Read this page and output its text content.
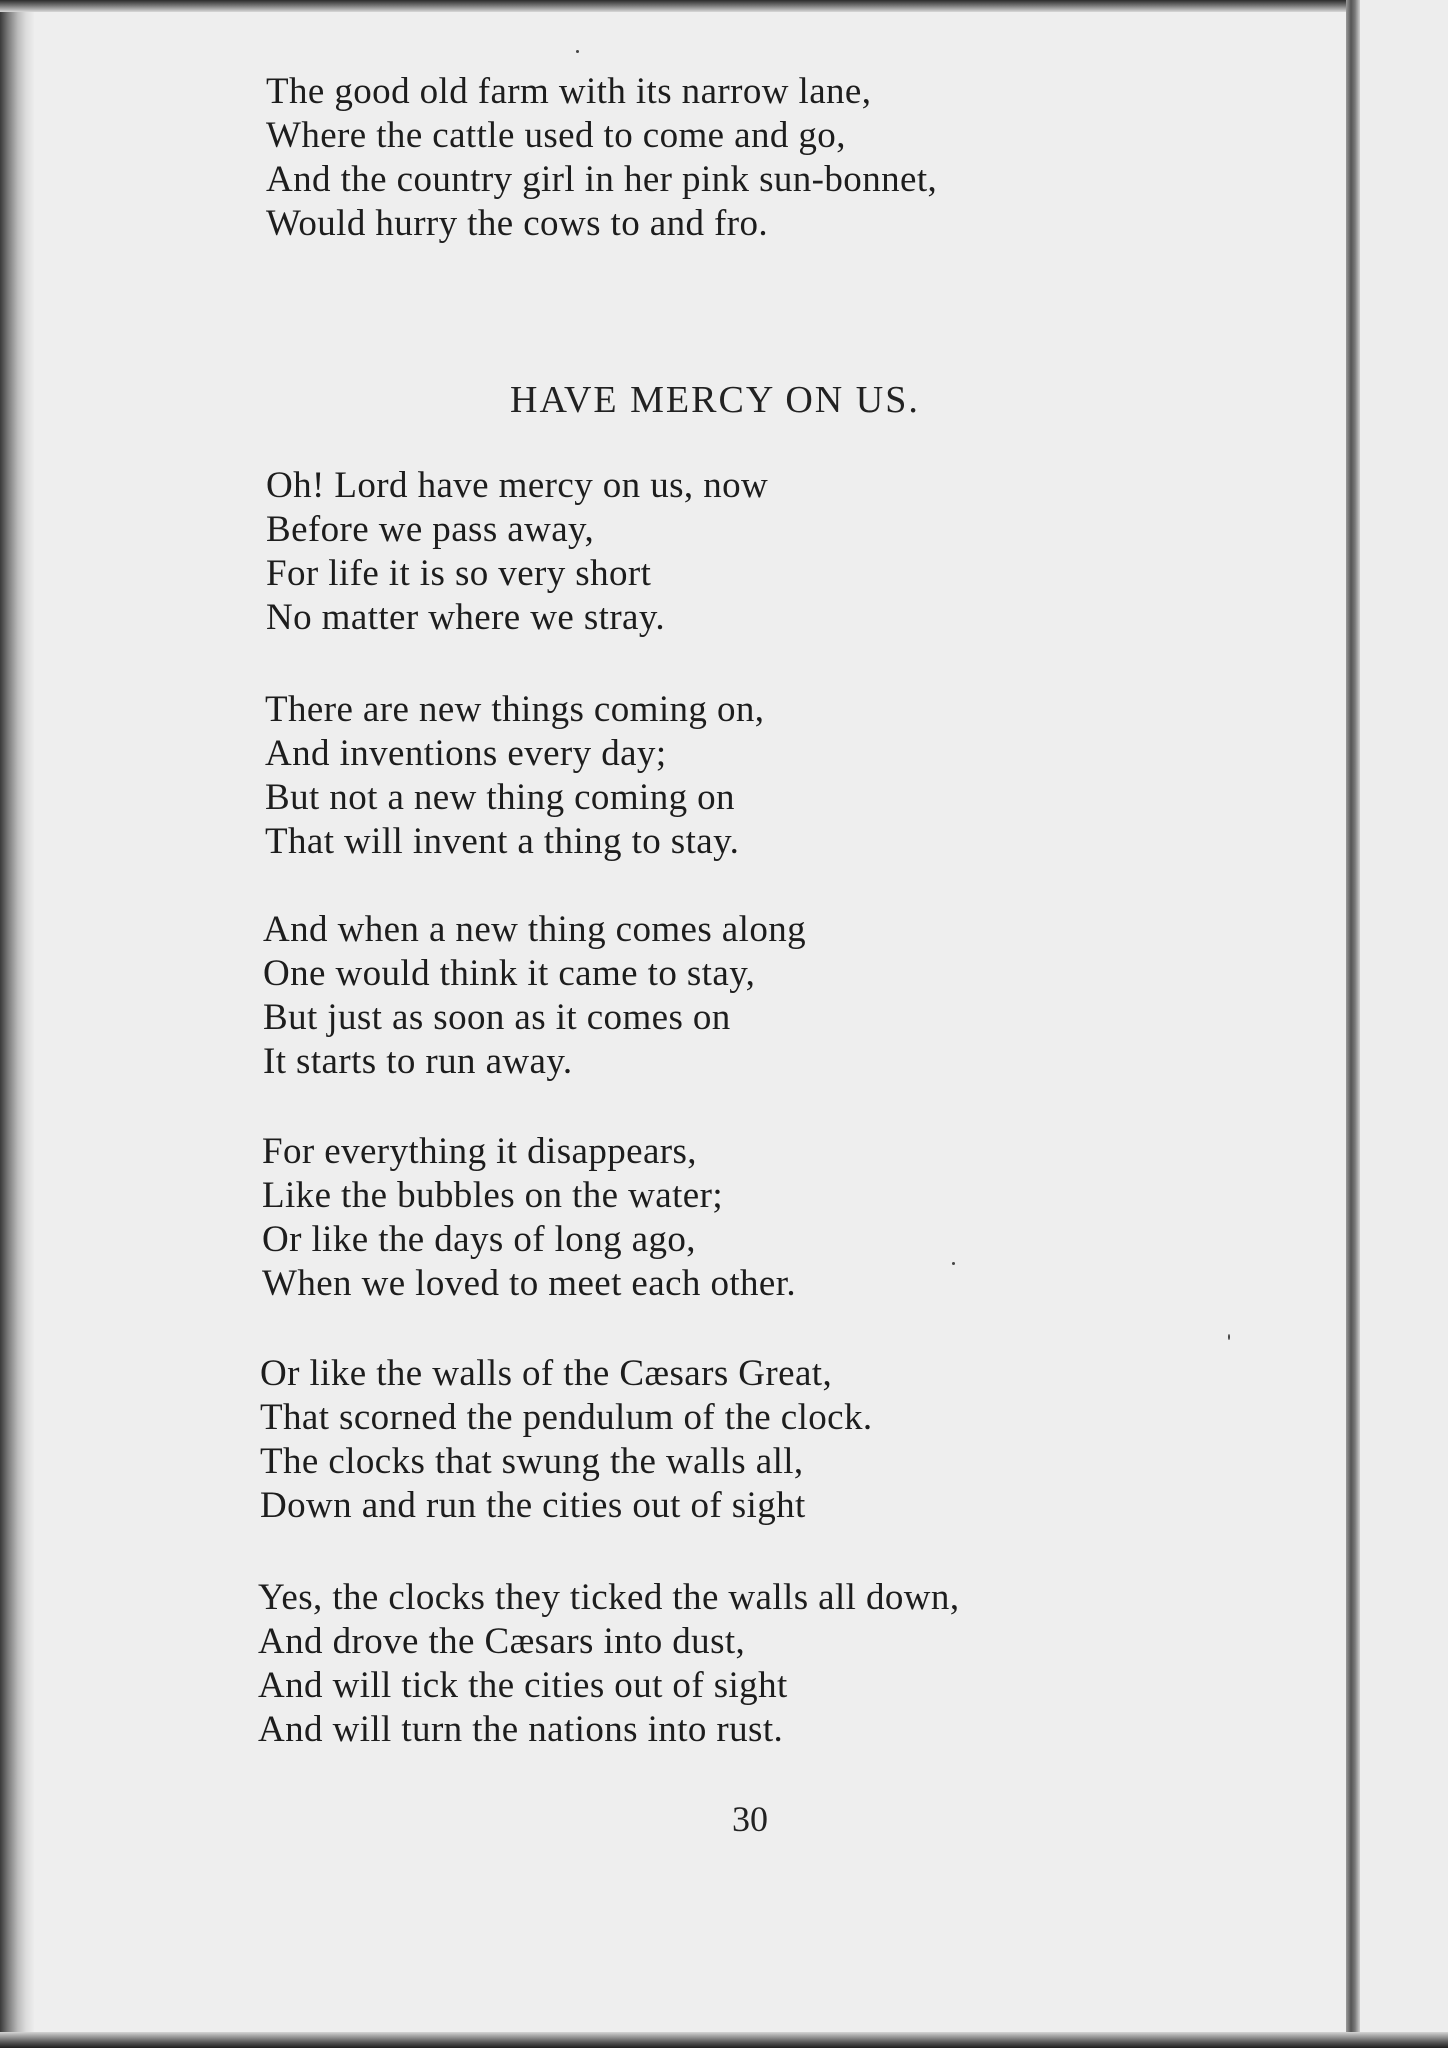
The good old farm with its narrow lane,
Where the cattle used to come and go,
And the country girl in her pink sun-bonnet,
Would hurry the cows to and fro.
HAVE MERCY ON US.
Oh! Lord have mercy on us, now
Before we pass away,
For life it is so very short
No matter where we stray.
There are new things coming on,
And inventions every day;
But not a new thing coming on
That will invent a thing to stay.
And when a new thing comes along
One would think it came to stay,
But just as soon as it comes on
It starts to run away.
For everything it disappears,
Like the bubbles on the water;
Or like the days of long ago,
When we loved to meet each other.
Or like the walls of the Cæsars Great,
That scorned the pendulum of the clock.
The clocks that swung the walls all,
Down and run the cities out of sight
Yes, the clocks they ticked the walls all down,
And drove the Cæsars into dust,
And will tick the cities out of sight
And will turn the nations into rust.
30
